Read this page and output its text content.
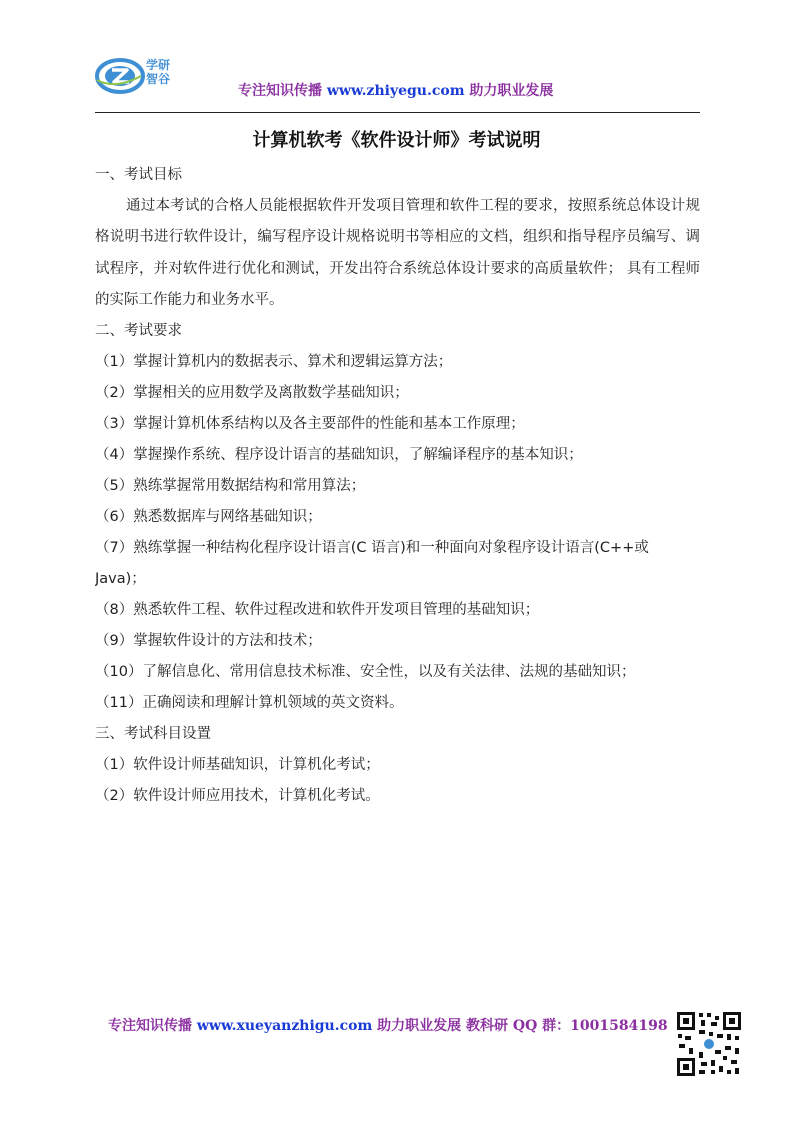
学研
智谷
专注知识传播 www.zhiyegu.com 助力职业发展
计算机软考《软件设计师》考试说明
一、考试目标

通过本考试的合格人员能根据软件开发项目管理和软件工程的要求，按照系统总体设计规格说明书进行软件设计，编写程序设计规格说明书等相应的文档，组织和指导程序员编写、调试程序，并对软件进行优化和测试，开发出符合系统总体设计要求的高质量软件； 具有工程师的实际工作能力和业务水平。

二、考试要求
（1）掌握计算机内的数据表示、算术和逻辑运算方法；
（2）掌握相关的应用数学及离散数学基础知识；
（3）掌握计算机体系结构以及各主要部件的性能和基本工作原理；
（4）掌握操作系统、程序设计语言的基础知识，了解编译程序的基本知识；
（5）熟练掌握常用数据结构和常用算法；
（6）熟悉数据库与网络基础知识；
（7）熟练掌握一种结构化程序设计语言(C 语言)和一种面向对象程序设计语言(C++或
Java)；
（8）熟悉软件工程、软件过程改进和软件开发项目管理的基础知识；
（9）掌握软件设计的方法和技术；
（10）了解信息化、常用信息技术标准、安全性，以及有关法律、法规的基础知识；
（11）正确阅读和理解计算机领域的英文资料。
三、考试科目设置
（1）软件设计师基础知识，计算机化考试；
（2）软件设计师应用技术，计算机化考试。
专注知识传播 www.xueyanzhigu.com 助力职业发展 教科研 QQ 群：1001584198
